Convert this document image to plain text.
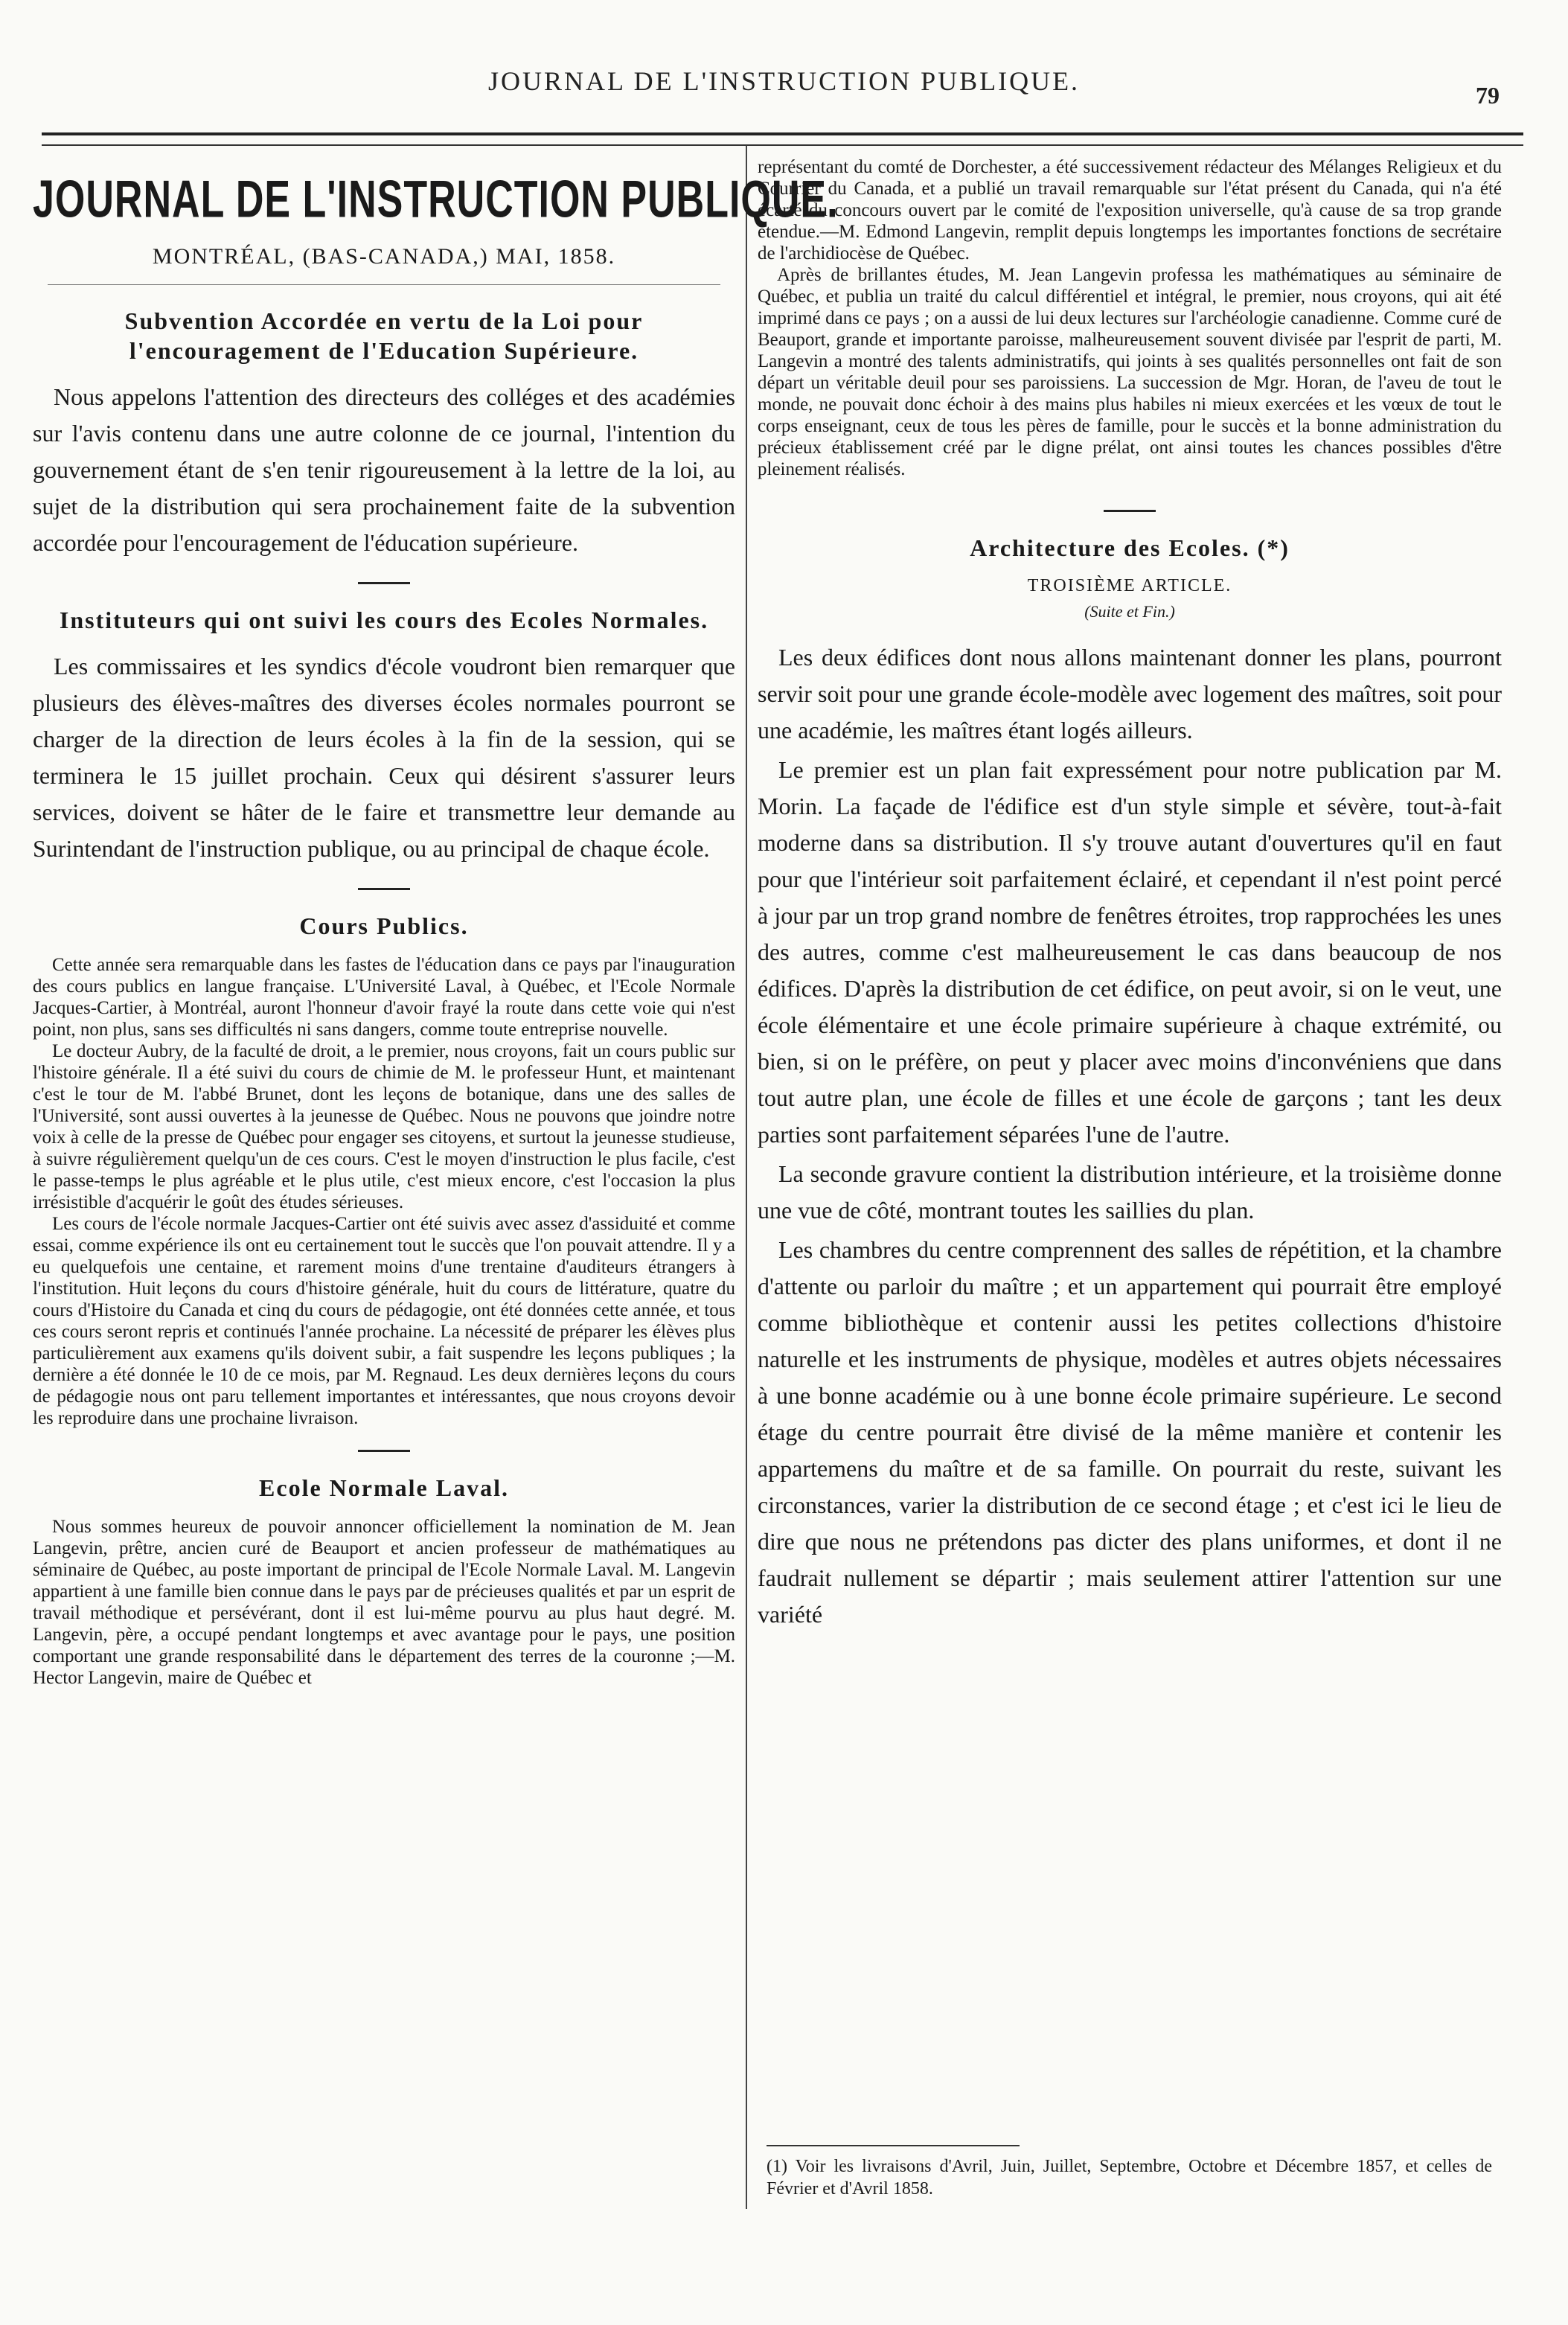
JOURNAL DE L'INSTRUCTION PUBLIQUE.	79
JOURNAL DE L'INSTRUCTION PUBLIQUE.
MONTRÉAL, (BAS-CANADA,) MAI, 1858.
Subvention Accordée en vertu de la Loi pour l'encouragement de l'Education Supérieure.

Nous appelons l'attention des directeurs des colléges et des académies sur l'avis contenu dans une autre colonne de ce journal, l'intention du gouvernement étant de s'en tenir rigoureusement à la lettre de la loi, au sujet de la distribution qui sera prochainement faite de la subvention accordée pour l'encouragement de l'éducation supérieure.

Instituteurs qui ont suivi les cours des Ecoles Normales.

Les commissaires et les syndics d'école voudront bien remarquer que plusieurs des élèves-maîtres des diverses écoles normales pourront se charger de la direction de leurs écoles à la fin de la session, qui se terminera le 15 juillet prochain. Ceux qui désirent s'assurer leurs services, doivent se hâter de le faire et transmettre leur demande au Surintendant de l'instruction publique, ou au principal de chaque école.

Cours Publics.

Cette année sera remarquable dans les fastes de l'éducation dans ce pays par l'inauguration des cours publics en langue française. L'Université Laval, à Québec, et l'Ecole Normale Jacques-Cartier, à Montréal, auront l'honneur d'avoir frayé la route dans cette voie qui n'est point, non plus, sans ses difficultés ni sans dangers, comme toute entreprise nouvelle.

Le docteur Aubry, de la faculté de droit, a le premier, nous croyons, fait un cours public sur l'histoire générale. Il a été suivi du cours de chimie de M. le professeur Hunt, et maintenant c'est le tour de M. l'abbé Brunet, dont les leçons de botanique, dans une des salles de l'Université, sont aussi ouvertes à la jeunesse de Québec. Nous ne pouvons que joindre notre voix à celle de la presse de Québec pour engager ses citoyens, et surtout la jeunesse studieuse, à suivre régulièrement quelqu'un de ces cours. C'est le moyen d'instruction le plus facile, c'est le passe-temps le plus agréable et le plus utile, c'est mieux encore, c'est l'occasion la plus irrésistible d'acquérir le goût des études sérieuses.

Les cours de l'école normale Jacques-Cartier ont été suivis avec assez d'assiduité et comme essai, comme expérience ils ont eu certainement tout le succès que l'on pouvait attendre. Il y a eu quelquefois une centaine, et rarement moins d'une trentaine d'auditeurs étrangers à l'institution. Huit leçons du cours d'histoire générale, huit du cours de littérature, quatre du cours d'Histoire du Canada et cinq du cours de pédagogie, ont été données cette année, et tous ces cours seront repris et continués l'année prochaine. La nécessité de préparer les élèves plus particulièrement aux examens qu'ils doivent subir, a fait suspendre les leçons publiques ; la dernière a été donnée le 10 de ce mois, par M. Regnaud. Les deux dernières leçons du cours de pédagogie nous ont paru tellement importantes et intéressantes, que nous croyons devoir les reproduire dans une prochaine livraison.

Ecole Normale Laval.

Nous sommes heureux de pouvoir annoncer officiellement la nomination de M. Jean Langevin, prêtre, ancien curé de Beauport et ancien professeur de mathématiques au séminaire de Québec, au poste important de principal de l'Ecole Normale Laval. M. Langevin appartient à une famille bien connue dans le pays par de précieuses qualités et par un esprit de travail méthodique et persévérant, dont il est lui-même pourvu au plus haut degré. M. Langevin, père, a occupé pendant longtemps et avec avantage pour le pays, une position comportant une grande responsabilité dans le département des terres de la couronne ;—M. Hector Langevin, maire de Québec et

représentant du comté de Dorchester, a été successivement rédacteur des Mélanges Religieux et du Courrier du Canada, et a publié un travail remarquable sur l'état présent du Canada, qui n'a été écarté du concours ouvert par le comité de l'exposition universelle, qu'à cause de sa trop grande étendue.—M. Edmond Langevin, remplit depuis longtemps les importantes fonctions de secrétaire de l'archidiocèse de Québec.

Après de brillantes études, M. Jean Langevin professa les mathématiques au séminaire de Québec, et publia un traité du calcul différentiel et intégral, le premier, nous croyons, qui ait été imprimé dans ce pays ; on a aussi de lui deux lectures sur l'archéologie canadienne. Comme curé de Beauport, grande et importante paroisse, malheureusement souvent divisée par l'esprit de parti, M. Langevin a montré des talents administratifs, qui joints à ses qualités personnelles ont fait de son départ un véritable deuil pour ses paroissiens. La succession de Mgr. Horan, de l'aveu de tout le monde, ne pouvait donc échoir à des mains plus habiles ni mieux exercées et les vœux de tout le corps enseignant, ceux de tous les pères de famille, pour le succès et la bonne administration du précieux établissement créé par le digne prélat, ont ainsi toutes les chances possibles d'être pleinement réalisés.

Architecture des Ecoles. (*)
TROISIÈME ARTICLE.
(Suite et Fin.)

Les deux édifices dont nous allons maintenant donner les plans, pourront servir soit pour une grande école-modèle avec logement des maîtres, soit pour une académie, les maîtres étant logés ailleurs.

Le premier est un plan fait expressément pour notre publication par M. Morin. La façade de l'édifice est d'un style simple et sévère, tout-à-fait moderne dans sa distribution. Il s'y trouve autant d'ouvertures qu'il en faut pour que l'intérieur soit parfaitement éclairé, et cependant il n'est point percé à jour par un trop grand nombre de fenêtres étroites, trop rapprochées les unes des autres, comme c'est malheureusement le cas dans beaucoup de nos édifices. D'après la distribution de cet édifice, on peut avoir, si on le veut, une école élémentaire et une école primaire supérieure à chaque extrémité, ou bien, si on le préfère, on peut y placer avec moins d'inconvéniens que dans tout autre plan, une école de filles et une école de garçons ; tant les deux parties sont parfaitement séparées l'une de l'autre.

La seconde gravure contient la distribution intérieure, et la troisième donne une vue de côté, montrant toutes les saillies du plan.

Les chambres du centre comprennent des salles de répétition, et la chambre d'attente ou parloir du maître ; et un appartement qui pourrait être employé comme bibliothèque et contenir aussi les petites collections d'histoire naturelle et les instruments de physique, modèles et autres objets nécessaires à une bonne académie ou à une bonne école primaire supérieure. Le second étage du centre pourrait être divisé de la même manière et contenir les appartemens du maître et de sa famille. On pourrait du reste, suivant les circonstances, varier la distribution de ce second étage ; et c'est ici le lieu de dire que nous ne prétendons pas dicter des plans uniformes, et dont il ne faudrait nullement se départir ; mais seulement attirer l'attention sur une variété

(1) Voir les livraisons d'Avril, Juin, Juillet, Septembre, Octobre et Décembre 1857, et celles de Février et d'Avril 1858.
